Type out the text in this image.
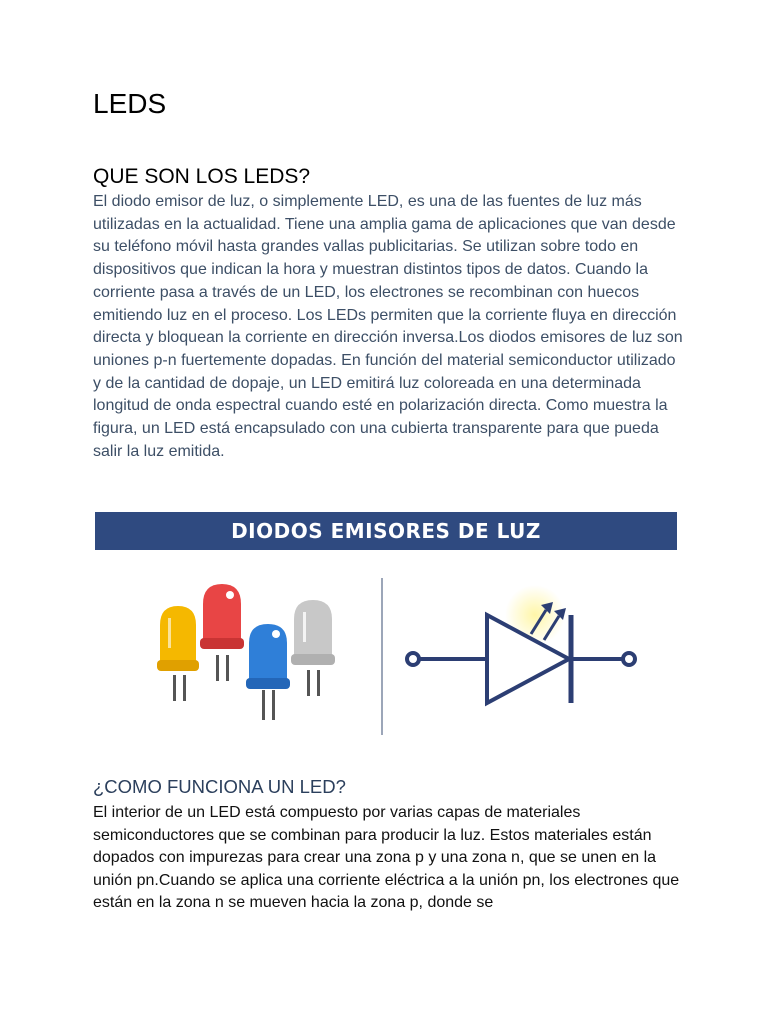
LEDS
QUE SON LOS LEDS?

El diodo emisor de luz, o simplemente LED, es una de las fuentes de luz más utilizadas en la actualidad. Tiene una amplia gama de aplicaciones que van desde su teléfono móvil hasta grandes vallas publicitarias. Se utilizan sobre todo en dispositivos que indican la hora y muestran distintos tipos de datos. Cuando la corriente pasa a través de un LED, los electrones se recombinan con huecos emitiendo luz en el proceso. Los LEDs permiten que la corriente fluya en dirección directa y bloquean la corriente en dirección inversa.Los diodos emisores de luz son uniones p-n fuertemente dopadas. En función del material semiconductor utilizado y de la cantidad de dopaje, un LED emitirá luz coloreada en una determinada longitud de onda espectral cuando esté en polarización directa. Como muestra la figura, un LED está encapsulado con una cubierta transparente para que pueda salir la luz emitida.

DIODOS EMISORES DE LUZ
¿COMO FUNCIONA UN LED?

El interior de un LED está compuesto por varias capas de materiales semiconductores que se combinan para producir la luz. Estos materiales están dopados con impurezas para crear una zona p y una zona n, que se unen en la unión pn.Cuando se aplica una corriente eléctrica a la unión pn, los electrones que están en la zona n se mueven hacia la zona p, donde se
